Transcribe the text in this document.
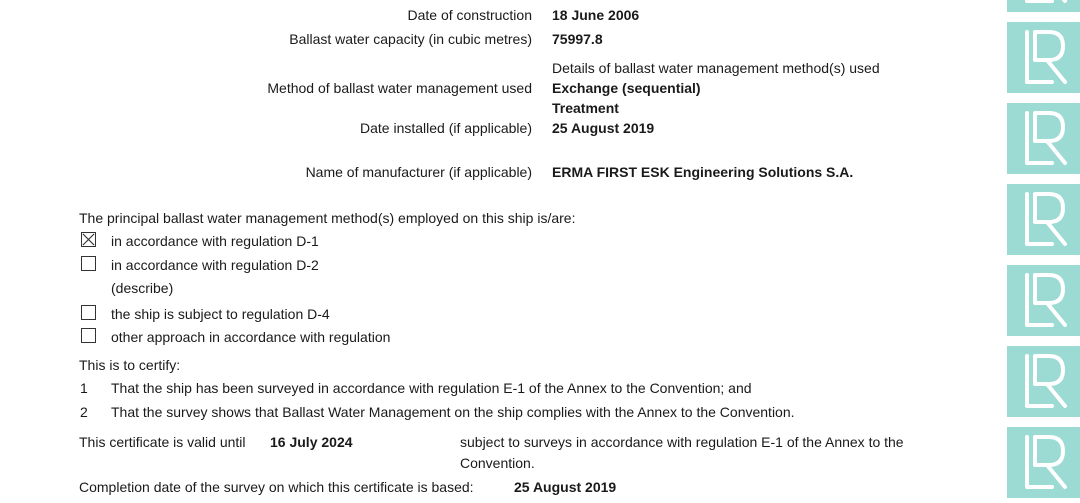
Date of construction 18 June 2006
Ballast water capacity (in cubic metres) 75997.8
Details of ballast water management method(s) used
Method of ballast water management used Exchange (sequential)
Treatment
Date installed (if applicable) 25 August 2019
Name of manufacturer (if applicable) ERMA FIRST ESK Engineering Solutions S.A.
The principal ballast water management method(s) employed on this ship is/are:
in accordance with regulation D-1
in accordance with regulation D-2
(describe)
the ship is subject to regulation D-4
other approach in accordance with regulation
This is to certify:
1 That the ship has been surveyed in accordance with regulation E-1 of the Annex to the Convention; and
2 That the survey shows that Ballast Water Management on the ship complies with the Annex to the Convention.
This certificate is valid until 16 July 2024	subject to surveys in accordance with regulation E-1 of the Annex to the
Convention.
Completion date of the survey on which this certificate is based:	25 August 2019
